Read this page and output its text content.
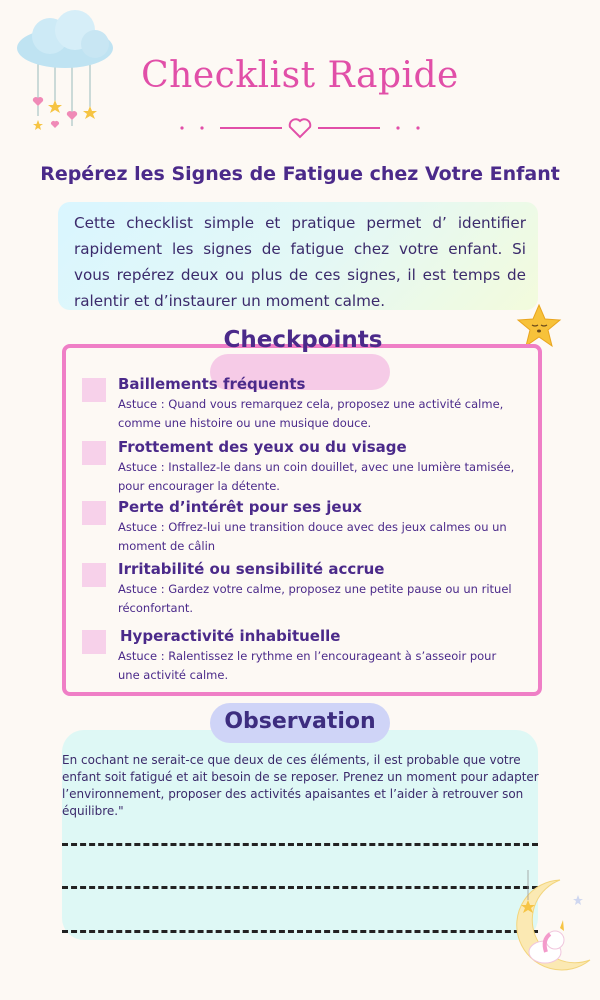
Checklist Rapide
Repérez les Signes de Fatigue chez Votre Enfant
Cette checklist simple et pratique permet d’ identifier rapidement les signes de fatigue chez votre enfant. Si vous repérez deux ou plus de ces signes, il est temps de ralentir et d’instaurer un moment calme.
Checkpoints
Baillements fréquents
Astuce : Quand vous remarquez cela, proposez une activité calme, comme une histoire ou une musique douce.
Frottement des yeux ou du visage
Astuce : Installez-le dans un coin douillet, avec une lumière tamisée, pour encourager la détente.
Perte d’intérêt pour ses jeux
Astuce : Offrez-lui une transition douce avec des jeux calmes ou un moment de câlin
Irritabilité ou sensibilité accrue
Astuce : Gardez votre calme, proposez une petite pause ou un rituel réconfortant.
Hyperactivité inhabituelle
Astuce : Ralentissez le rythme en l’encourageant à s’asseoir pour une activité calme.
Observation
En cochant ne serait-ce que deux de ces éléments, il est probable que votre enfant soit fatigué et ait besoin de se reposer. Prenez un moment pour adapter l’environnement, proposer des activités apaisantes et l’aider à retrouver son équilibre."
